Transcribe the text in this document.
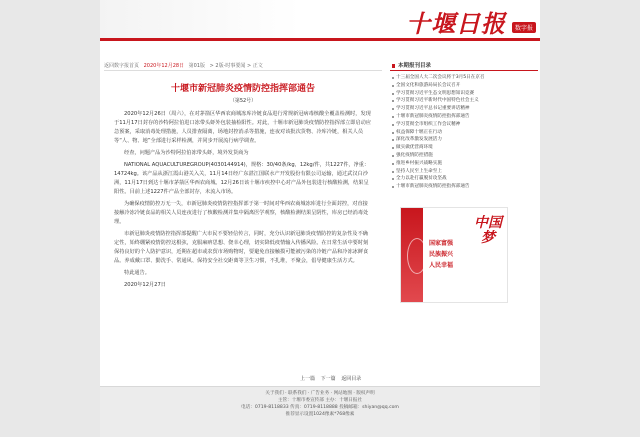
十堰日报	数字报
返回数字报首页 2020年12月28日 第01版 > 2版-时事要闻 > 正文
十堰市新冠肺炎疫情防控指挥部通告
（第52号）

2020年12月26日（周六），在对茅箭区华西农商城冻库冷链食品进行常规新冠病毒核酸全覆盖检测时，发现于11月17日封存的沙特阿拉伯进口冻带头虾外包装抽检阳性。对此，十堰市新冠肺炎疫情防控指挥部立即启动应急预案，采取消毒处理措施，人员排查隔离，场地封控消杀等措施，连夜对该批次货物、冷库冷链，相关人员等“人、物、地”全部进行采样检测，并同步开展流行病学调查。

经查，问题产品为沙特阿拉伯冻带头虾，境外发货商为

NATIONAL AQUACULTUREGROUP(4030144914)，规格：30/40条/kg，12kg/件，共1227件，净重：14724kg。该产品从浙江霞山港关入关，11月14日经广东湛江国联水产开发股份有限公司运输，通过武汉白沙洲，11月17日到达十堰市茅箭区华西农商城。12月26日该十堰市疾控中心对产品外包装进行核酸检测，结果呈阳性。目前上述1227件产品全部封存，未流入市场。

为确保疫情防控万无一失，市新冠肺炎疫情防控指挥部于第一时间对华西农商城冻库进行全面封控，对直接接触冷冻冷链食品的相关人员连夜进行了核酸检测并集中隔离医学观察，核酸检测结果呈阴性，库房已经消毒处理。

市新冠肺炎疫情防控指挥部提醒广大市民不要轻信传言，同时，充分认识新冠肺炎疫情防控的复杂性及不确定性，始终绷紧疫情防控这根弦，克服麻痹思想、侥幸心理，切实降低疫情输入传播风险。在日常生活中要时刻保持良好的个人防护意识，近期在超市或农贸市场购物时，要避免直接触摸可能被污染的冷链产品和冷冻冰鲜食品。养成戴口罩、勤洗手、常通风、保持安全社交距离等卫生习惯，不扎堆，不聚会，倡导健康生活方式。

特此通告。

2020年12月27日

上一篇 下一篇 返回目录
本期报刊目录
十三届全国人大二次会议将于3月5日在京召
全国文化和旅游局局长会议召开
学习贯彻习近平生态文明思想知识竞赛
学习贯彻习近平新时代中国特色社会主义
学习贯彻习近平总书记重要讲话精神
十堰市新冠肺炎疫情防控指挥部通告
学习贯彻全市组织工作会议精神
权益保障十堰正在行动
深化改革激发发展活力
做实做优营商环境
强化疫情防控措施
推进乡村振兴战略实施
坚持人民至上生命至上
全力以赴打赢脱贫攻坚战
十堰市新冠肺炎疫情防控指挥部通告
国家富强
民族振兴
人民幸福
中国梦
关于我们 · 联系我们 · 广告业务 · 网站地图 · 版权声明
主管：十堰市委宣传部 主办：十堰日报社
电话：0719-8118833 传真：0719-8118888 投稿邮箱：shiyan@qq.com
推荐显示设置1024像素*768像素
